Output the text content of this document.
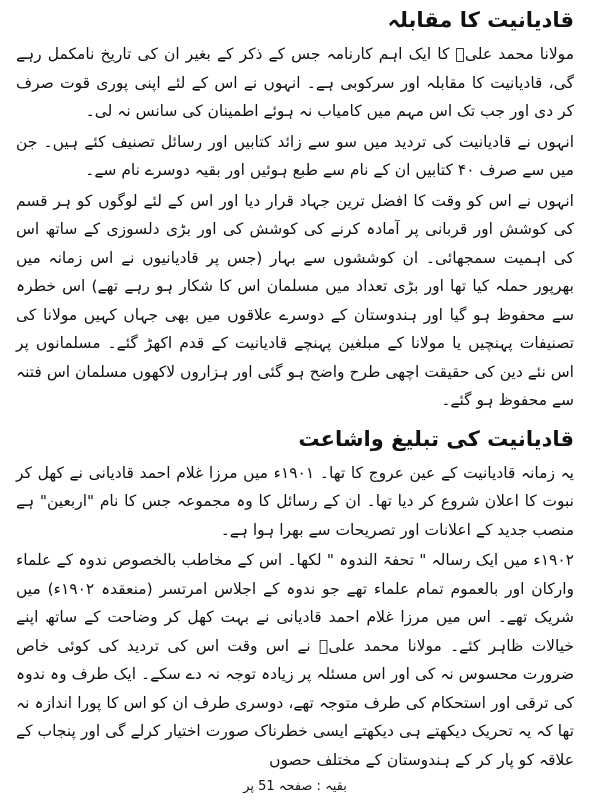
قادیانیت کا مقابلہ

مولانا محمد علیؒ کا ایک اہم کارنامہ جس کے ذکر کے بغیر ان کی تاریخ نامکمل رہے گی، قادیانیت کا مقابلہ اور سرکوبی ہے۔ انہوں نے اس کے لئے اپنی پوری قوت صرف کر دی اور جب تک اس مہم میں کامیاب نہ ہوئے اطمینان کی سانس نہ لی۔

انہوں نے قادیانیت کی تردید میں سو سے زائد کتابیں اور رسائل تصنیف کئے ہیں۔ جن میں سے صرف ۴۰ کتابیں ان کے نام سے طبع ہوئیں اور بقیہ دوسرے نام سے۔

انہوں نے اس کو وقت کا افضل ترین جہاد قرار دیا اور اس کے لئے لوگوں کو ہر قسم کی کوشش اور قربانی پر آمادہ کرنے کی کوشش کی اور بڑی دلسوزی کے ساتھ اس کی اہمیت سمجھائی۔ ان کوششوں سے بہار (جس پر قادیانیوں نے اس زمانہ میں بھرپور حملہ کیا تھا اور بڑی تعداد میں مسلمان اس کا شکار ہو رہے تھے) اس خطرہ سے محفوظ ہو گیا اور ہندوستان کے دوسرے علاقوں میں بھی جہاں کہیں مولانا کی تصنیفات پہنچیں یا مولانا کے مبلغین پہنچے قادیانیت کے قدم اکھڑ گئے۔ مسلمانوں پر اس نئے دین کی حقیقت اچھی طرح واضح ہو گئی اور ہزاروں لاکھوں مسلمان اس فتنہ سے محفوظ ہو گئے۔

قادیانیت کی تبلیغ واشاعت

یہ زمانہ قادیانیت کے عین عروج کا تھا۔ ۱۹۰۱ء میں مرزا غلام احمد قادیانی نے کھل کر نبوت کا اعلان شروع کر دیا تھا۔ ان کے رسائل کا وہ مجموعہ جس کا نام "اربعین" ہے منصب جدید کے اعلانات اور تصریحات سے بھرا ہوا ہے۔

۱۹۰۲ء میں ایک رسالہ " تحفۃ الندوہ " لکھا۔ اس کے مخاطب بالخصوص ندوہ کے علماء وارکان اور بالعموم تمام علماء تھے جو ندوہ کے اجلاس امرتسر (منعقدہ ۱۹۰۲ء) میں شریک تھے۔ اس میں مرزا غلام احمد قادیانی نے بہت کھل کر وضاحت کے ساتھ اپنے خیالات ظاہر کئے۔ مولانا محمد علیؒ نے اس وقت اس کی تردید کی کوئی خاص ضرورت محسوس نہ کی اور اس مسئلہ پر زیادہ توجہ نہ دے سکے۔ ایک طرف وہ ندوہ کی ترقی اور استحکام کی طرف متوجہ تھے، دوسری طرف ان کو اس کا پورا اندازہ نہ تھا کہ یہ تحریک دیکھتے ہی دیکھتے ایسی خطرناک صورت اختیار کرلے گی اور پنجاب کے علاقہ کو پار کر کے ہندوستان کے مختلف حصوں

بقیہ : صفحہ 51 پر
